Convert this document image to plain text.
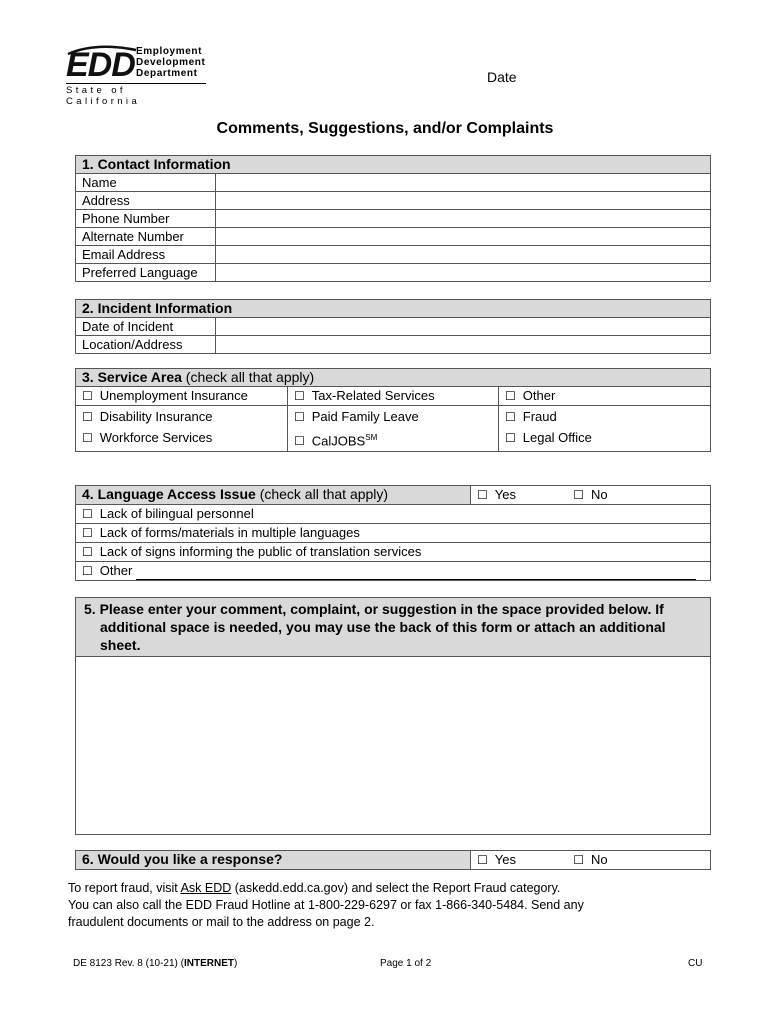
EDD Employment
Development
Department
State of California
Date
Comments, Suggestions, and/or Complaints
1. Contact Information	
Name	
Address	
Phone Number	
Alternate Number	
Email Address	
Preferred Language	
2. Incident Information	
Date of Incident	
Location/Address	
3. Service Area (check all that apply)		
☐ Unemployment Insurance	☐ Tax-Related Services	☐ Other
☐ Disability Insurance	☐ Paid Family Leave	☐ Fraud
☐ Workforce Services	☐ CalJOBS℠	☐ Legal Office
4. Language Access Issue (check all that apply)	☐ Yes	☐ No
☐ Lack of bilingual personnel
☐ Lack of forms/materials in multiple languages
☐ Lack of signs informing the public of translation services
☐ Other
5. Please enter your comment, complaint, or suggestion in the space provided below. If additional space is needed, you may use the back of this form or attach an additional sheet.
6. Would you like a response?	☐ Yes	☐ No
To report fraud, visit Ask EDD (askedd.edd.ca.gov) and select the Report Fraud category.
You can also call the EDD Fraud Hotline at 1-800-229-6297 or fax 1-866-340-5484. Send any fraudulent documents or mail to the address on page 2.
DE 8123 Rev. 8 (10-21) (INTERNET)	Page 1 of 2	CU
